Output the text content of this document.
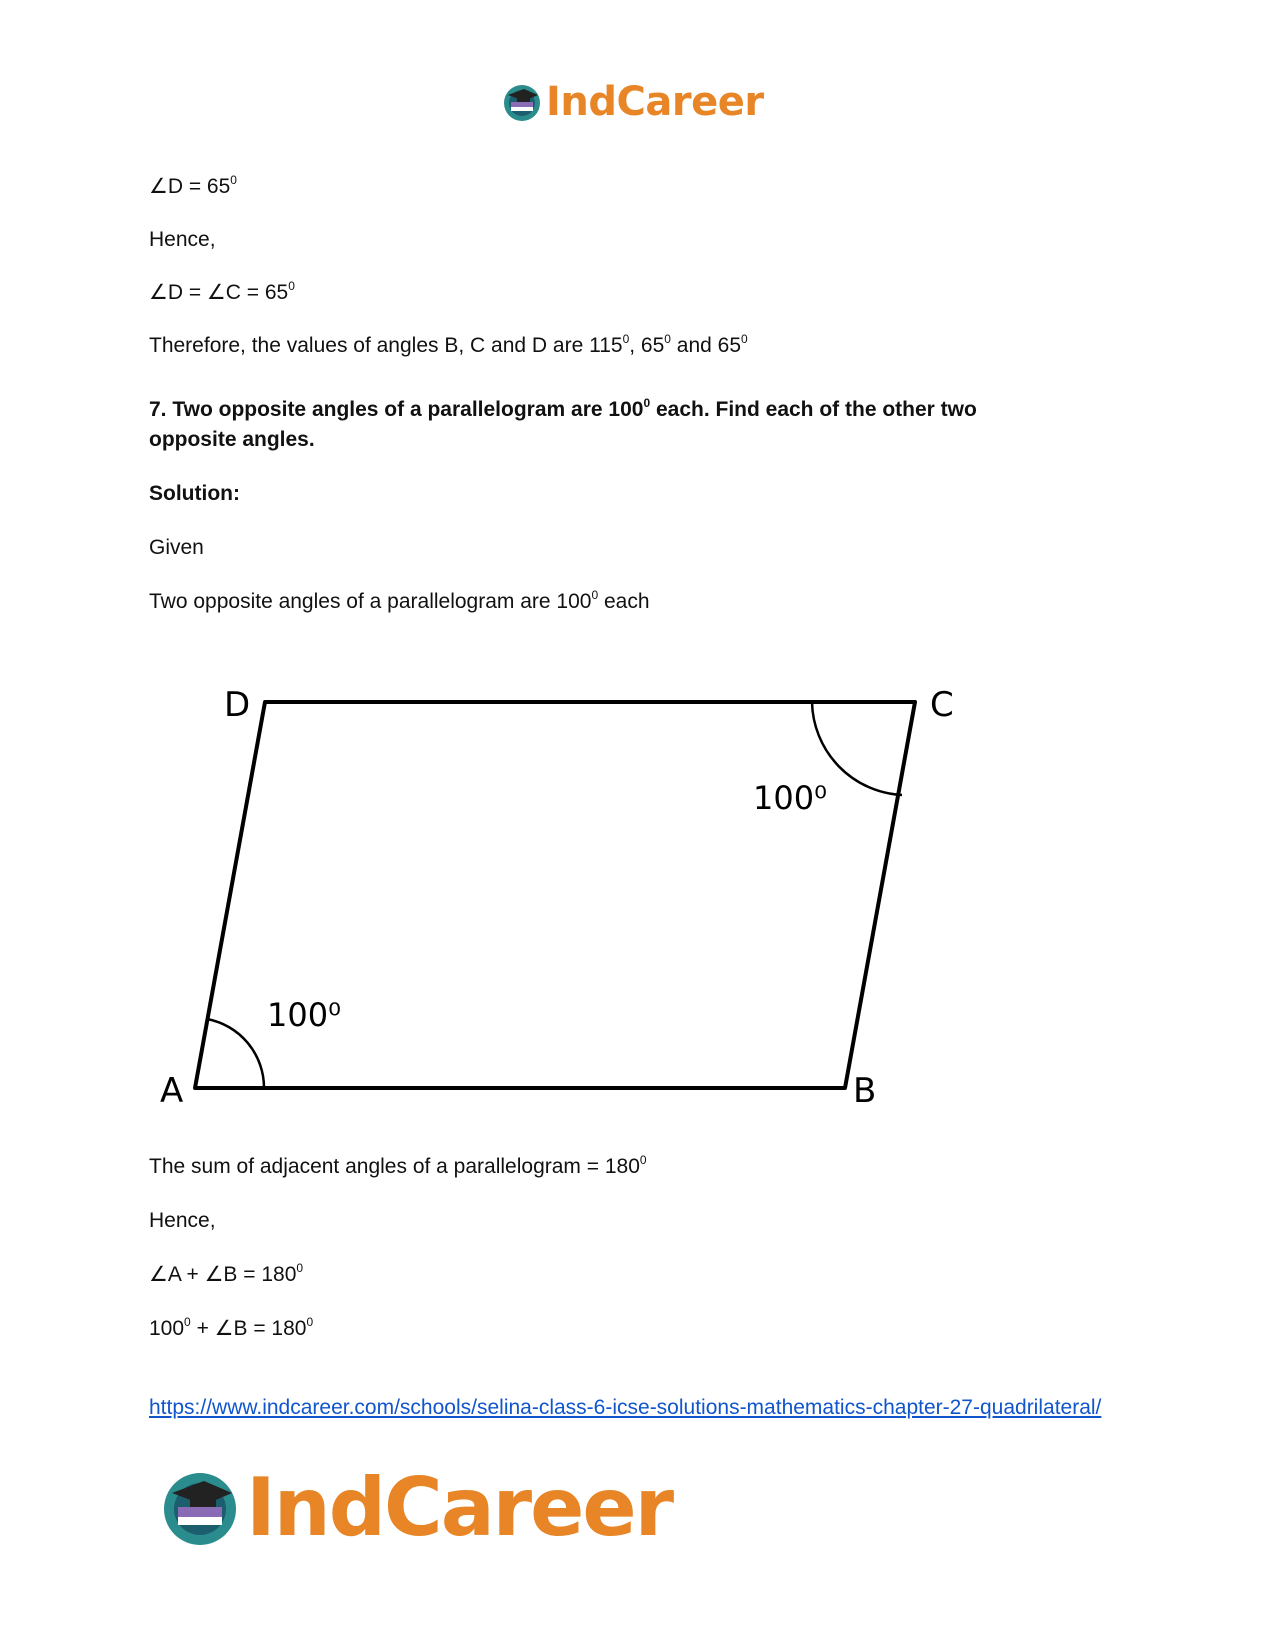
IndCareer
∠D = $65^0$
Hence,
∠D = ∠C = $65^0$
Therefore, the values of angles B, C and D are $115^0$, $65^0$ and $65^0$
7. Two opposite angles of a parallelogram are $100^0$ each. Find each of the other two
opposite angles.
Solution:
Given
Two opposite angles of a parallelogram are $100^0$ each
A	B
C
D
100⁰
100⁰
The sum of adjacent angles of a parallelogram = $180^0$
Hence,
∠A + ∠B = $180^0$
$100^0$ + ∠B = $180^0$
https://www.indcareer.com/schools/selina-class-6-icse-solutions-mathematics-chapter-27-quadrilateral/
IndCareer
